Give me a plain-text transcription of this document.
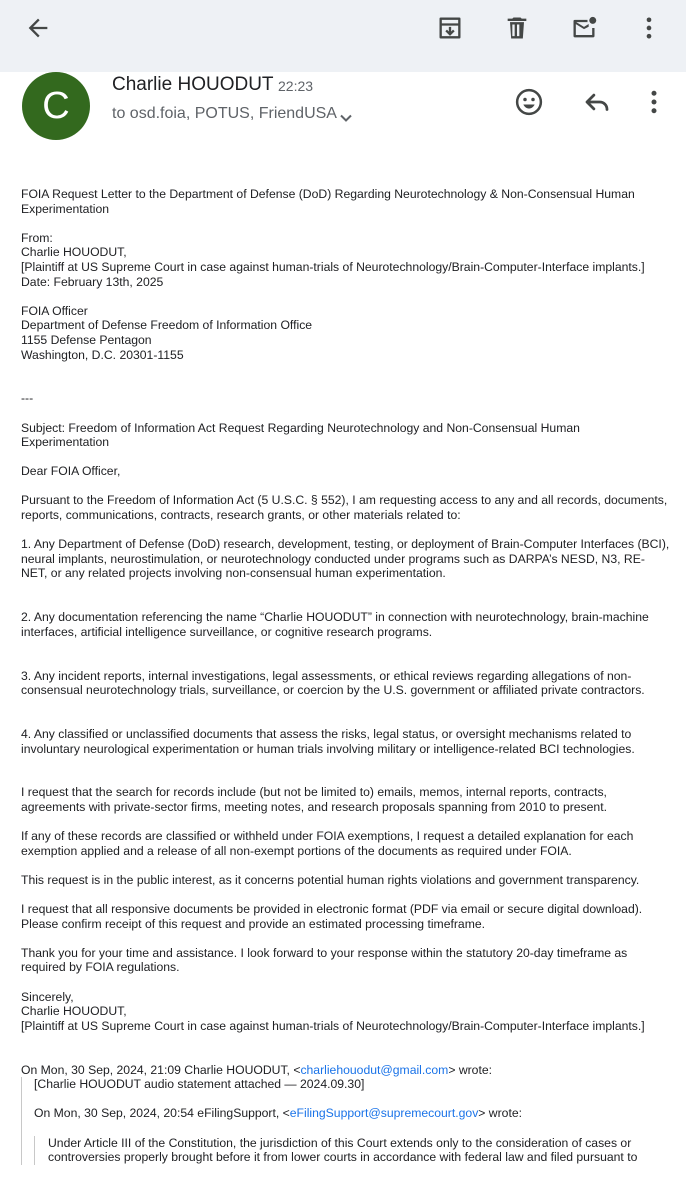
C	Charlie HOUODUT 22:23
to osd.foia, POTUS, FriendUSA
FOIA Request Letter to the Department of Defense (DoD) Regarding Neurotechnology & Non-Consensual Human Experimentation
From:
Charlie HOUODUT,
[Plaintiff at US Supreme Court in case against human-trials of Neurotechnology/Brain-Computer-Interface implants.]
Date: February 13th, 2025
FOIA Officer
Department of Defense Freedom of Information Office
1155 Defense Pentagon
Washington, D.C. 20301-1155
---
Subject: Freedom of Information Act Request Regarding Neurotechnology and Non-Consensual Human Experimentation
Dear FOIA Officer,
Pursuant to the Freedom of Information Act (5 U.S.C. § 552), I am requesting access to any and all records, documents, reports, communications, contracts, research grants, or other materials related to:
1. Any Department of Defense (DoD) research, development, testing, or deployment of Brain-Computer Interfaces (BCI), neural implants, neurostimulation, or neurotechnology conducted under programs such as DARPA’s NESD, N3, RE-NET, or any related projects involving non-consensual human experimentation.
2. Any documentation referencing the name “Charlie HOUODUT” in connection with neurotechnology, brain-machine interfaces, artificial intelligence surveillance, or cognitive research programs.
3. Any incident reports, internal investigations, legal assessments, or ethical reviews regarding allegations of non-consensual neurotechnology trials, surveillance, or coercion by the U.S. government or affiliated private contractors.
4. Any classified or unclassified documents that assess the risks, legal status, or oversight mechanisms related to involuntary neurological experimentation or human trials involving military or intelligence-related BCI technologies.
I request that the search for records include (but not be limited to) emails, memos, internal reports, contracts, agreements with private-sector firms, meeting notes, and research proposals spanning from 2010 to present.
If any of these records are classified or withheld under FOIA exemptions, I request a detailed explanation for each exemption applied and a release of all non-exempt portions of the documents as required under FOIA.
This request is in the public interest, as it concerns potential human rights violations and government transparency.
I request that all responsive documents be provided in electronic format (PDF via email or secure digital download). Please confirm receipt of this request and provide an estimated processing timeframe.
Thank you for your time and assistance. I look forward to your response within the statutory 20-day timeframe as required by FOIA regulations.
Sincerely,
Charlie HOUODUT,
[Plaintiff at US Supreme Court in case against human-trials of Neurotechnology/Brain-Computer-Interface implants.]
On Mon, 30 Sep, 2024, 21:09 Charlie HOUODUT, <charliehouodut@gmail.com> wrote:
[Charlie HOUODUT audio statement attached — 2024.09.30]
On Mon, 30 Sep, 2024, 20:54 eFilingSupport, <eFilingSupport@supremecourt.gov> wrote:
Under Article III of the Constitution, the jurisdiction of this Court extends only to the consideration of cases or controversies properly brought before it from lower courts in accordance with federal law and filed pursuant to
